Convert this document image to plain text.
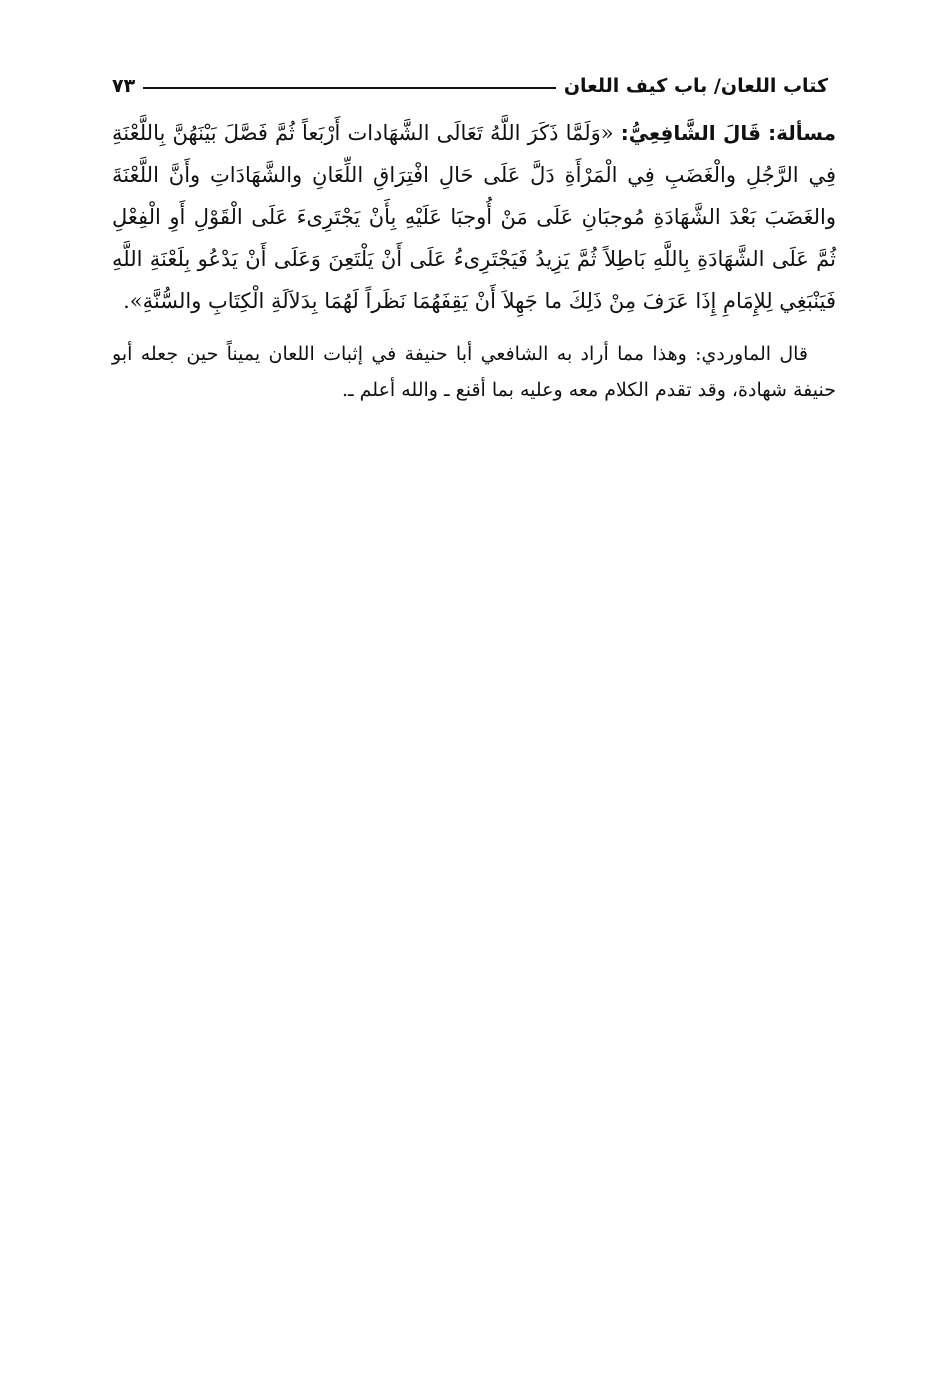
كتاب اللعان/ باب كيف اللعان
٧٣

مسألة: قَالَ الشَّافِعِيُّ: «وَلَمَّا ذَكَرَ اللَّهُ تَعَالَى الشَّهَادات أَرْبَعاً ثُمَّ فَصَّلَ بَيْنَهُنَّ بِاللَّعْنَةِ فِي الرَّجُلِ والْغَضَبِ فِي الْمَرْأَةِ دَلَّ عَلَى حَالِ افْتِرَاقِ اللِّعَانِ والشَّهَادَاتِ وأَنَّ اللَّعْنَةَ والغَضَبَ بَعْدَ الشَّهَادَةِ مُوجبَانِ عَلَى مَنْ أُوجبَا عَلَيْهِ بِأَنْ يَجْتَرِىءَ عَلَى الْقَوْلِ أَوِ الْفِعْلِ ثُمَّ عَلَى الشَّهَادَةِ بِاللَّهِ بَاطِلاً ثُمَّ يَزِيدُ فَيَجْتَرِىءُ عَلَى أَنْ يَلْتَعِنَ وَعَلَى أَنْ يَدْعُو بِلَعْنَةِ اللَّهِ فَيَنْبَغِي لِلإِمَامِ إِذَا عَرَفَ مِنْ ذَلِكَ ما جَهِلاَ أَنْ يَقِفَهُمَا نَظَراً لَهُمَا بِدَلاَلَةِ الْكِتَابِ والسُّنَّةِ».

قال الماوردي: وهذا مما أراد به الشافعي أبا حنيفة في إثبات اللعان يميناً حين جعله أبو حنيفة شهادة، وقد تقدم الكلام معه وعليه بما أقنع ـ والله أعلم ـ.
